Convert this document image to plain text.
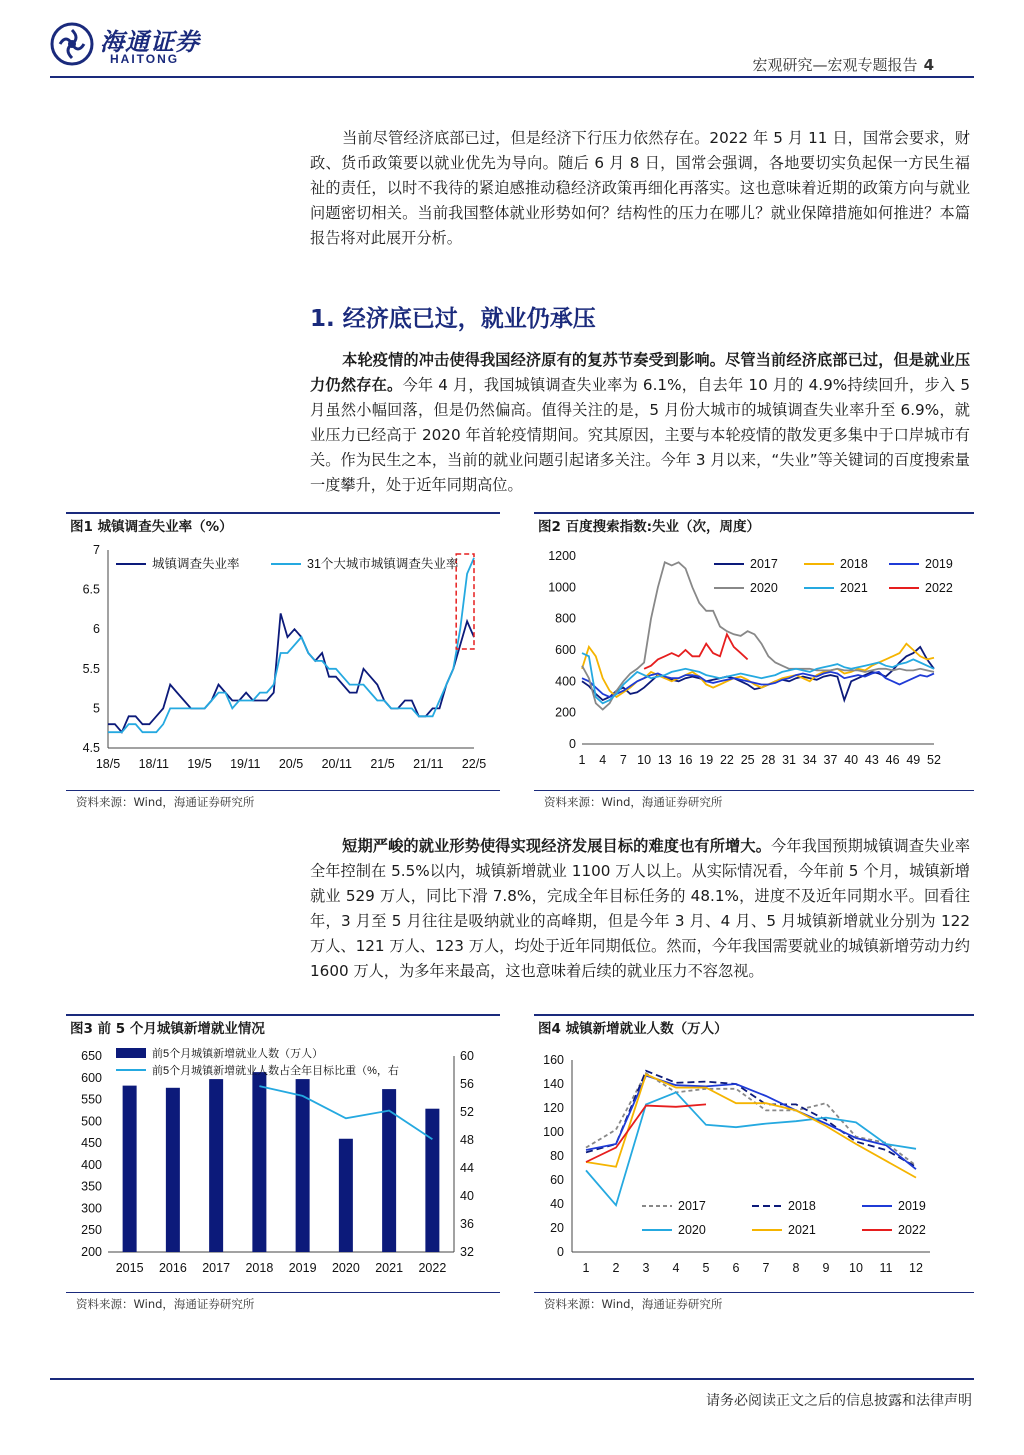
海通证券
HAITONG	宏观研究—宏观专题报告 4
当前尽管经济底部已过，但是经济下行压力依然存在。2022 年 5 月 11 日，国常会要求，财政、货币政策要以就业优先为导向。随后 6 月 8 日，国常会强调，各地要切实负起保一方民生福祉的责任，以时不我待的紧迫感推动稳经济政策再细化再落实。这也意味着近期的政策方向与就业问题密切相关。当前我国整体就业形势如何？结构性的压力在哪儿？就业保障措施如何推进？本篇报告将对此展开分析。
1. 经济底已过，就业仍承压
本轮疫情的冲击使得我国经济原有的复苏节奏受到影响。尽管当前经济底部已过，但是就业压力仍然存在。今年 4 月，我国城镇调查失业率为 6.1%，自去年 10 月的 4.9%持续回升，步入 5 月虽然小幅回落，但是仍然偏高。值得关注的是，5 月份大城市的城镇调查失业率升至 6.9%，就业压力已经高于 2020 年首轮疫情期间。究其原因，主要与本轮疫情的散发更多集中于口岸城市有关。作为民生之本，当前的就业问题引起诸多关注。今年 3 月以来，“失业”等关键词的百度搜索量一度攀升，处于近年同期高位。
图1 城镇调查失业率（%）
4.5
5
5.5
6
6.5
7
18/5 18/11 19/5 19/11 20/5 20/11 21/5 21/11 22/5
城镇调查失业率	31个大城市城镇调查失业率
资料来源：Wind，海通证券研究所
图2 百度搜索指数:失业（次，周度）
0
200
400
600
800
1000
1200
1 4 7 10 13 16 19 22 25 28 31 34 37 40 43 46 49 52
2017	2018	2019
2020	2021	2022
资料来源：Wind，海通证券研究所
短期严峻的就业形势使得实现经济发展目标的难度也有所增大。今年我国预期城镇调查失业率全年控制在 5.5%以内，城镇新增就业 1100 万人以上。从实际情况看，今年前 5 个月，城镇新增就业 529 万人，同比下滑 7.8%，完成全年目标任务的 48.1%，进度不及近年同期水平。回看往年，3 月至 5 月往往是吸纳就业的高峰期，但是今年 3 月、4 月、5 月城镇新增就业分别为 122 万人、121 万人、123 万人，均处于近年同期低位。然而，今年我国需要就业的城镇新增劳动力约 1600 万人，为多年来最高，这也意味着后续的就业压力不容忽视。
图3 前 5 个月城镇新增就业情况
200
250
300
350
400
450
500
550
600
650
32
36
40
44
48
52
56
60
2015 2016 2017 2018 2019 2020 2021 2022
前5个月城镇新增就业人数（万人）
前5个月城镇新增就业人数占全年目标比重（%，右
资料来源：Wind，海通证券研究所
图4 城镇新增就业人数（万人）
0
20
40
60
80
100
120
140
160
1 2 3 4 5 6 7 8 9 10 11 12
2017	2018	2019
2020	2021	2022
资料来源：Wind，海通证券研究所
请务必阅读正文之后的信息披露和法律声明
